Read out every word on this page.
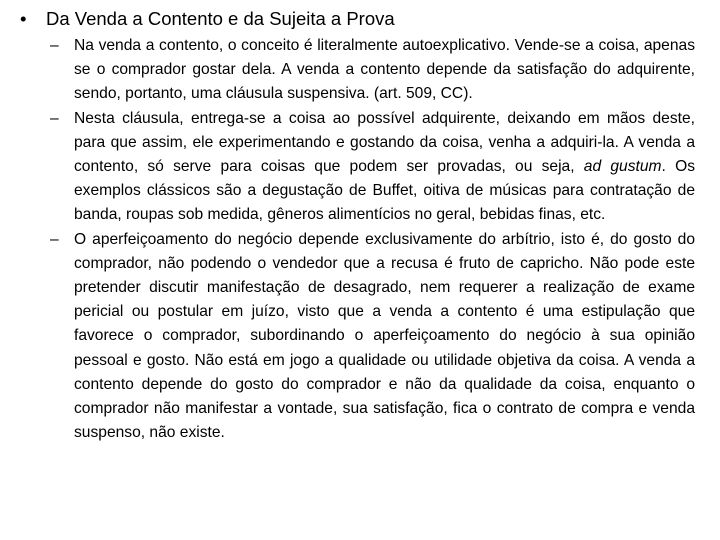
•	Da Venda a Contento e da Sujeita a Prova
– Na venda a contento, o conceito é literalmente autoexplicativo. Vende-se a coisa, apenas se o comprador gostar dela. A venda a contento depende da satisfação do adquirente, sendo, portanto, uma cláusula suspensiva. (art. 509, CC).
– Nesta cláusula, entrega-se a coisa ao possível adquirente, deixando em mãos deste, para que assim, ele experimentando e gostando da coisa, venha a adquiri-la. A venda a contento, só serve para coisas que podem ser provadas, ou seja, ad gustum. Os exemplos clássicos são a degustação de Buffet, oitiva de músicas para contratação de banda, roupas sob medida, gêneros alimentícios no geral, bebidas finas, etc.
– O aperfeiçoamento do negócio depende exclusivamente do arbítrio, isto é, do gosto do comprador, não podendo o vendedor que a recusa é fruto de capricho. Não pode este pretender discutir manifestação de desagrado, nem requerer a realização de exame pericial ou postular em juízo, visto que a venda a contento é uma estipulação que favorece o comprador, subordinando o aperfeiçoamento do negócio à sua opinião pessoal e gosto. Não está em jogo a qualidade ou utilidade objetiva da coisa. A venda a contento depende do gosto do comprador e não da qualidade da coisa, enquanto o comprador não manifestar a vontade, sua satisfação, fica o contrato de compra e venda suspenso, não existe.
